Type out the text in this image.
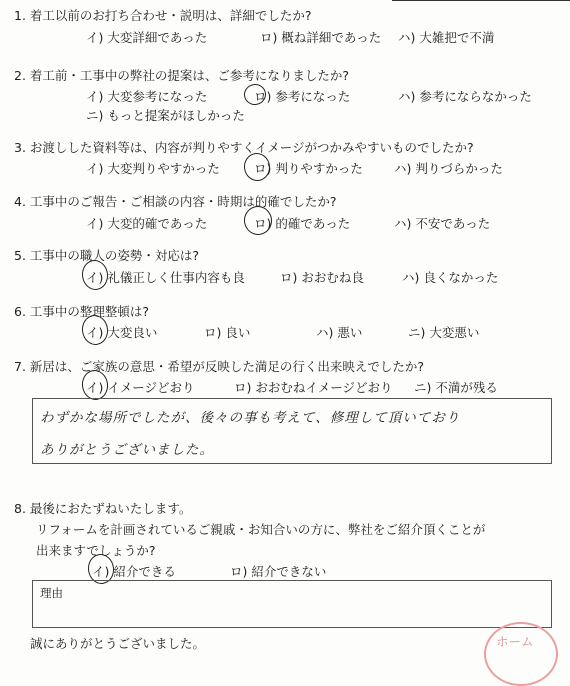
1. 着工以前のお打ち合わせ・説明は、詳細でしたか?
イ) 大変詳細であった	ロ) 概ね詳細であった ハ) 大雑把で不満
2. 着工前・工事中の弊社の提案は、ご参考になりましたか?
イ) 大変参考になった	ロ) 参考になった	ハ) 参考にならなかった
ニ) もっと提案がほしかった
3. お渡しした資料等は、内容が判りやすくイメージがつかみやすいものでしたか?
イ) 大変判りやすかった	ロ) 判りやすかった ハ) 判りづらかった
4. 工事中のご報告・ご相談の内容・時期は的確でしたか?
イ) 大変的確であった	ロ) 的確であった	ハ) 不安であった
5. 工事中の職人の姿勢・対応は?
イ) 礼儀正しく仕事内容も良	ロ) おおむね良	ハ) 良くなかった
6. 工事中の整理整頓は?
イ) 大変良い	ロ) 良い	ハ) 悪い	ニ) 大変悪い
7. 新居は、ご家族の意思・希望が反映した満足の行く出来映えでしたか?
イ) イメージどおり	ロ) おおむねイメージどおり ニ) 不満が残る
わずかな場所でしたが、後々の事も考えて、修理して頂いており
ありがとうございました。
8. 最後におたずねいたします。
リフォームを計画されているご親戚・お知合いの方に、弊社をご紹介頂くことが
出来ますでしょうか?
イ) 紹介できる	ロ) 紹介できない
理由
誠にありがとうございました。	ホーム
